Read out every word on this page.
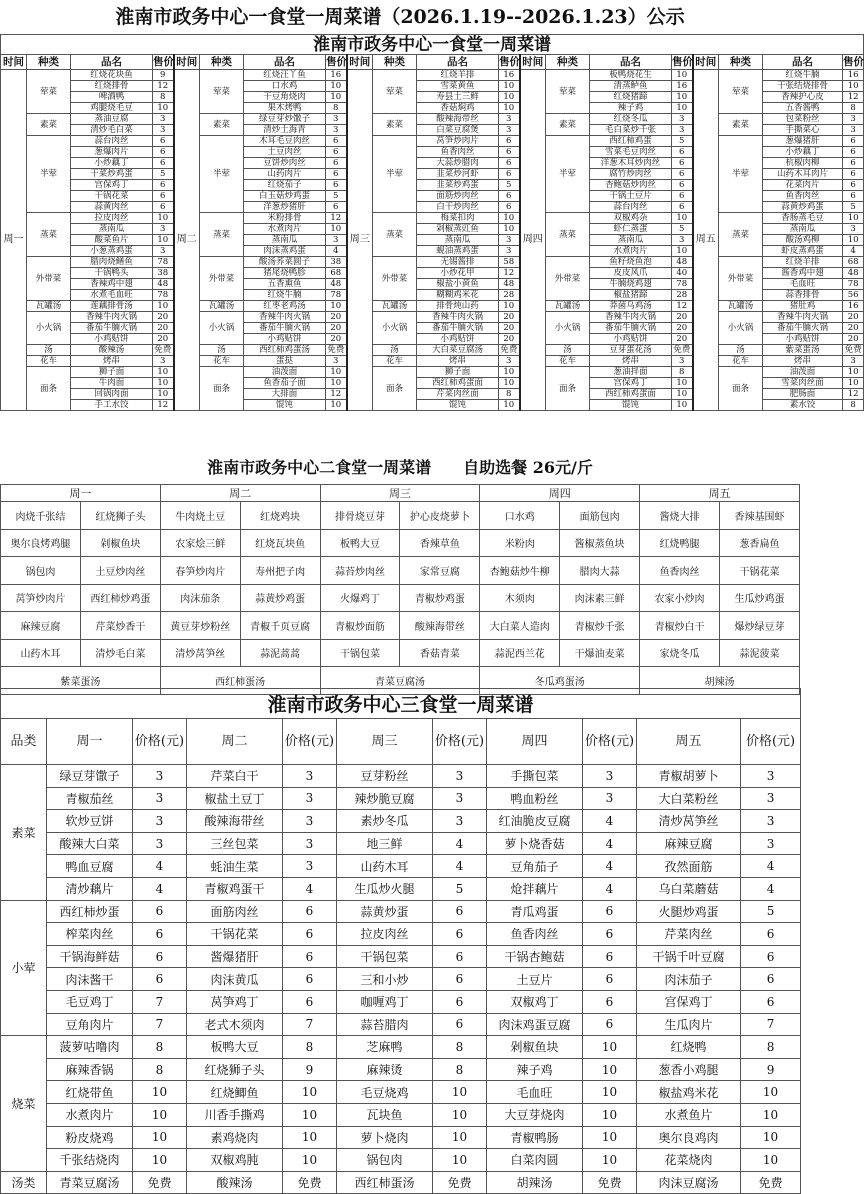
淮南市政务中心一食堂一周菜谱（2026.1.19--2026.1.23）公示
淮南市政务中心一食堂一周菜谱																			
时间	种类	品名	售价	时间	种类	品名	售价	时间	种类	品名	售价	时间	种类	品名	售价	时间	种类	品名	售价
周一	荤菜	红烧花块鱼	9	周二	荤菜	红烧汪丫鱼	16	周三	荤菜	红烧羊排	16	周四	荤菜	板鸭烧花生	10	周五	荤菜	红烧牛腩	16
		红烧排骨	12			口水鸡	10			雪菜黄鱼	10			清蒸鲈鱼	16			干张结烧排骨	10
		啤酒鸭	8			干豆角烧肉	10			寿县土三鲜	10			红烧猪蹄	10			香辣护心皮	12
		鸡腿烧毛豆	10			果木烤鸭	8			香菇焖鸡	10			辣子鸡	10			五香酱鸭	8
	素菜	蒸油豆腐	3		素菜	绿豆芽炒馓子	3		素菜	酸辣海带丝	3		素菜	红烧冬瓜	3		素菜	包菜粉丝	3
		清炒毛白菜	3			清炒土海青	3			白菜豆腐煲	3			毛白菜炒千张	3			手撕菜心	3
	半荤	蒜台肉丝	6		半荤	木耳毛豆肉丝	6		半荤	莴笋炒肉片	6		半荤	西红柿鸡蛋	5		半荤	葱爆猪肝	6
		葱爆肉片	6			土豆肉丝	6			鱼香肉丝	6			雪菜毛豆肉丝	6			小炒藕丁	6
		小炒藕丁	6			豆饼炒肉丝	6			大蒜炒腊肉	6			洋葱木耳炒肉丝	6			杭椒肉柳	6
		干菜炒鸡蛋	5			山药肉片	6			韭菜炒河虾	6			腐竹炒肉丝	6			山药木耳肉片	6
		宫保鸡丁	6			红烧茄子	6			韭菜炒鸡蛋	5			杏鲍菇炒肉丝	6			花菜肉片	6
		干锅花菜	6			白玉菇炒鸡蛋	5			面筋炒肉丝	6			干锅土豆片	6			鱼香肉丝	6
		蒜黄肉丝	6			洋葱炒猪肝	6			白干炒肉丝	6			蒜台肉丝	6			蒜黄炒鸡蛋	5
	蒸菜	拉皮肉丝	10		蒸菜	米粉排骨	12		蒸菜	梅菜扣肉	10		蒸菜	双椒鸡杂	10		蒸菜	香肠蒸毛豆	10
		蒸南瓜	3			水煮肉片	10			剁椒蒸豇鱼	10			虾仁蒸蛋	5			蒸南瓜	3
		酸菜鱼片	10			蒸南瓜	3			蒸南瓜	3			蒸南瓜	3			酸汤鸡柳	10
		小葱蒸鸡蛋	3			肉沫蒸鸡蛋	4			蚬油蒸鸡蛋	3			水煮肉片	10			虾皮蒸鸡蛋	4
	外带菜	腊肉烧鳝鱼	78		外带菜	酸汤荞菜圆子	38		外带菜	无锡酱排	58		外带菜	鱼籽烧鱼泡	48		外带菜	红烧羊排	68
		干锅鸭头	38			猪尾烧鸭胗	68			小炒花甲	12			皮皮风爪	40			酱香鸡中翅	48
		香辣鸡中翅	48			五香熏鱼	48			椒盐小黄鱼	48			牛腩烧鸡翅	78			毛血旺	78
		水煮毛血旺	78			红烧牛腩	78			糊糊鸡米花	28			椒盐猪蹄	28			蒜香排骨	56
	瓦罐汤	莲藕排骨汤	10		瓦罐汤	红枣老鸡汤	10		瓦罐汤	排骨炖山药	10		瓦罐汤	莽菌乌鸡汤	12		瓦罐汤	猪肚鸡	16
	小火锅	香辣牛肉火锅	20		小火锅	香辣牛肉火锅	20		小火锅	香辣牛肉火锅	20		小火锅	香辣牛肉火锅	20		小火锅	香辣牛肉火锅	20
		番茄牛腩火锅	20			番茄牛腩火锅	20			番茄牛腩火锅	20			番茄牛腩火锅	20			番茄牛腩火锅	20
		小鸡贴饼	20			小鸡贴饼	20			小鸡贴饼	20			小鸡贴饼	20			小鸡贴饼	20
	汤	酸辣汤	免费		汤	西红柿鸡蛋汤	免费		汤	大白菜豆腐汤	免费		汤	豆芽蛋花汤	免费		汤	紫菜蛋汤	免费
	花车	烤串	3		花车	蛋挞	3		花车	烤串	3		花车	烤串	3		花车	烤串	3
	面条	狮子面	10		面条	油泼面	10		面条	狮子面	10		面条	葱油拌面	8		面条	油泼面	10
		牛肉面	10			鱼香茄子面	10			西红柿鸡蛋面	10			宫保鸡丁	10			雪菜肉丝面	10
		回锅肉面	10			大排面	12			芹菜肉丝面	8			西红柿鸡蛋面	10			肥肠面	12
		手工水饺	12			馄饨	10			馄饨	10			馄饨	10			素水饺	8
淮南市政务中心二食堂一周菜谱　　自助选餐 26元/斤
周一		周二		周三		周四		周五	
肉烧千张结	红烧狮子头	牛肉烧土豆	红烧鸡块	排骨烧豆芽	护心皮烧萝卜	口水鸡	面筋包肉	酱烧大排	香辣基围虾
奥尔良烤鸡腿	剁椒鱼块	农家烩三鲜	红烧瓦块鱼	板鸭大豆	香辣草鱼	米粉肉	酱椒蒸鱼块	红烧鸭腿	葱香扁鱼
锅包肉	土豆炒肉丝	春笋炒肉片	寿州把子肉	蒜苔炒肉丝	家常豆腐	杏鲍菇炒牛柳	腊肉大蒜	鱼香肉丝	干锅花菜
莴笋炒肉片	西红柿炒鸡蛋	肉沫茄条	蒜黄炒鸡蛋	火爆鸡丁	青椒炒鸡蛋	木须肉	肉沫素三鲜	农家小炒肉	生瓜炒鸡蛋
麻辣豆腐	芹菜炒香干	黄豆芽炒粉丝	青椒千页豆腐	青椒炒面筋	酸辣海带丝	大白菜人造肉	青椒炒千张	青椒炒白干	爆炒绿豆芽
山药木耳	清炒毛白菜	清炒莴笋丝	蒜泥蒿蒿	干锅包菜	香菇青菜	蒜泥西兰花	干爆油麦菜	家烧冬瓜	蒜泥菠菜
紫菜蛋汤		西红柿蛋汤		青菜豆腐汤		冬瓜鸡蛋汤		胡辣汤	
淮南市政务中心三食堂一周菜谱										
品类	周一	价格(元)	周二	价格(元)	周三	价格(元)	周四	价格(元)	周五	价格(元)
素菜	绿豆芽馓子	3	芹菜白干	3	豆芽粉丝	3	手撕包菜	3	青椒胡萝卜	3
	青椒茄丝	3	椒盐土豆丁	3	辣炒脆豆腐	3	鸭血粉丝	3	大白菜粉丝	3
	软炒豆饼	3	酸辣海带丝	3	素炒冬瓜	3	红油脆皮豆腐	4	清炒莴笋丝	3
	酸辣大白菜	3	三丝包菜	3	地三鲜	4	萝卜烧香菇	4	麻辣豆腐	3
	鸭血豆腐	4	蚝油生菜	3	山药木耳	4	豆角茄子	4	孜然面筋	4
	清炒藕片	4	青椒鸡蛋干	4	生瓜炒火腿	5	炝拌藕片	4	乌白菜蘑菇	4
小荤	西红柿炒蛋	6	面筋肉丝	6	蒜黄炒蛋	6	青瓜鸡蛋	6	火腿炒鸡蛋	5
	榨菜肉丝	6	干锅花菜	6	拉皮肉丝	6	鱼香肉丝	6	芹菜肉丝	6
	干锅海鲜菇	6	酱爆猪肝	6	干锅包菜	6	干锅杏鲍菇	6	干锅千叶豆腐	6
	肉沫酱干	6	肉沫黄瓜	6	三和小炒	6	土豆片	6	肉沫茄子	6
	毛豆鸡丁	7	莴笋鸡丁	6	咖喱鸡丁	6	双椒鸡丁	6	宫保鸡丁	6
	豆角肉片	7	老式木须肉	7	蒜苔腊肉	6	肉沫鸡蛋豆腐	6	生瓜肉片	7
烧菜	菠萝咕噜肉	8	板鸭大豆	8	芝麻鸭	8	剁椒鱼块	10	红烧鸭	8
	麻辣香锅	8	红烧狮子头	9	麻辣烫	8	辣子鸡	10	葱香小鸡腿	9
	红烧带鱼	10	红烧鲫鱼	10	毛豆烧鸡	10	毛血旺	10	椒盐鸡米花	10
	水煮肉片	10	川香手撕鸡	10	瓦块鱼	10	大豆芽烧肉	10	水煮鱼片	10
	粉皮烧鸡	10	素鸡烧肉	10	萝卜烧肉	10	青椒鸭肠	10	奥尔良鸡肉	10
	千张结烧肉	10	双椒鸡肫	10	锅包肉	10	白菜肉圆	10	花菜烧肉	10
汤类	青菜豆腐汤	免费	酸辣汤	免费	西红柿蛋汤	免费	胡辣汤	免费	肉沫豆腐汤	免费
